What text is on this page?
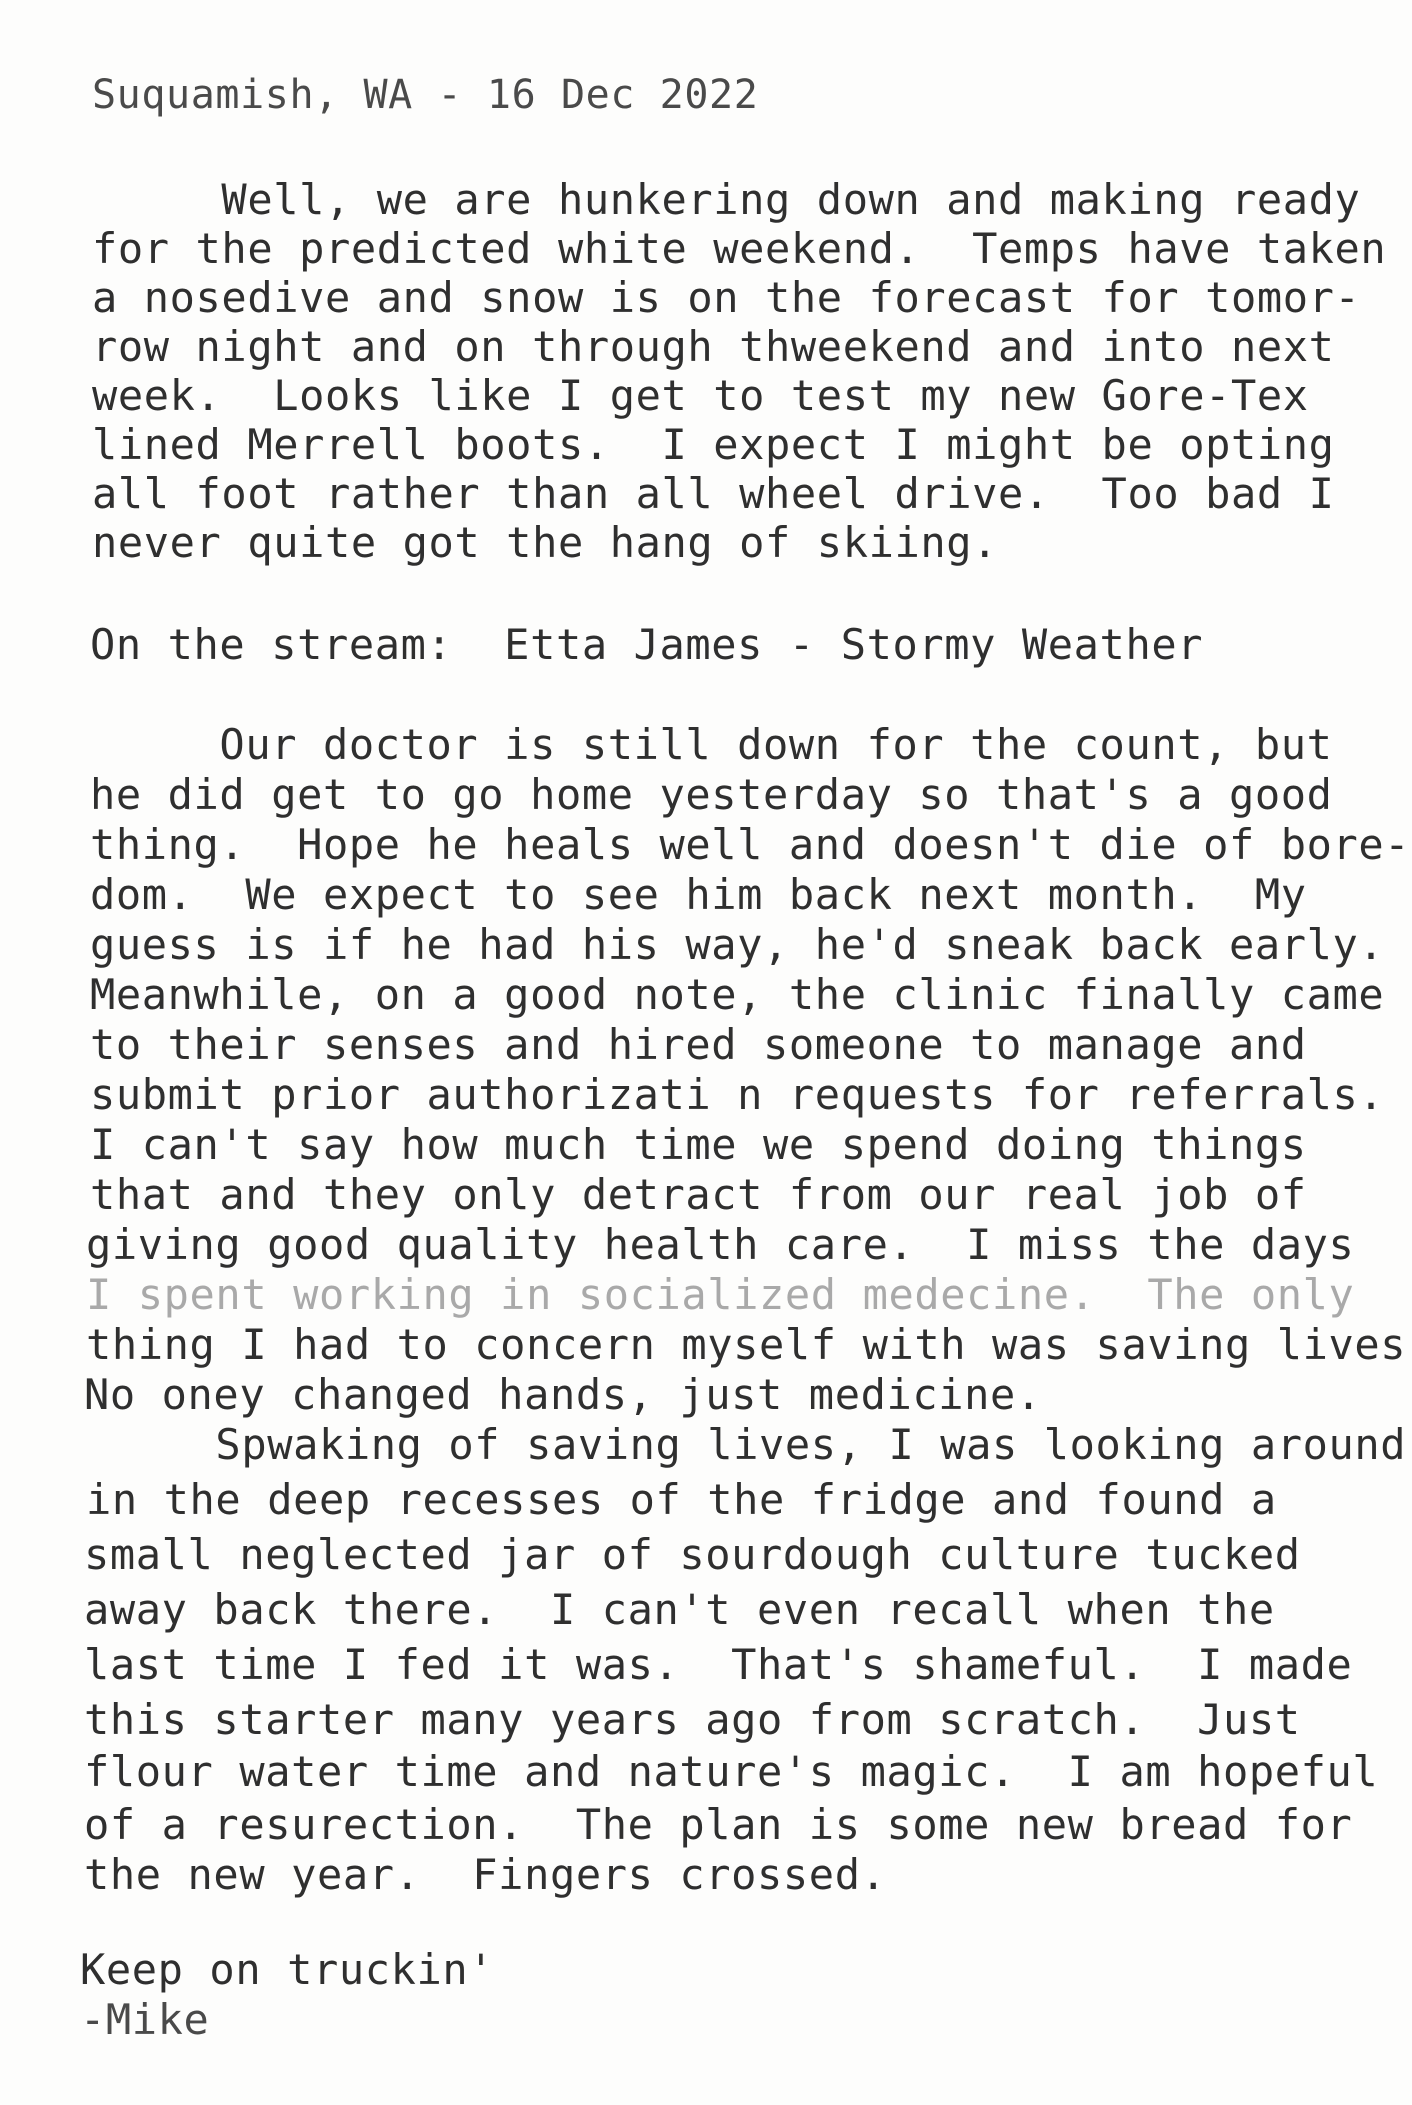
Suquamish, WA - 16 Dec 2022
Well, we are hunkering down and making ready
for the predicted white weekend.  Temps have taken
a nosedive and snow is on the forecast for tomor-
row night and on through thweekend and into next
week.  Looks like I get to test my new Gore-Tex
lined Merrell boots.  I expect I might be opting
all foot rather than all wheel drive.  Too bad I
never quite got the hang of skiing.
On the stream:  Etta James - Stormy Weather
Our doctor is still down for the count, but
he did get to go home yesterday so that's a good
thing.  Hope he heals well and doesn't die of bore-
dom.  We expect to see him back next month.  My
guess is if he had his way, he'd sneak back early.
Meanwhile, on a good note, the clinic finally came
to their senses and hired someone to manage and
submit prior authorizati n requests for referrals.
I can't say how much time we spend doing things
that and they only detract from our real job of
giving good quality health care.  I miss the days
I spent working in socialized medecine.  The only
thing I had to concern myself with was saving lives
No oney changed hands, just medicine.
Spwaking of saving lives, I was looking around
in the deep recesses of the fridge and found a
small neglected jar of sourdough culture tucked
away back there.  I can't even recall when the
last time I fed it was.  That's shameful.  I made
this starter many years ago from scratch.  Just
flour water time and nature's magic.  I am hopeful
of a resurection.  The plan is some new bread for
the new year.  Fingers crossed.
Keep on truckin'
-Mike
